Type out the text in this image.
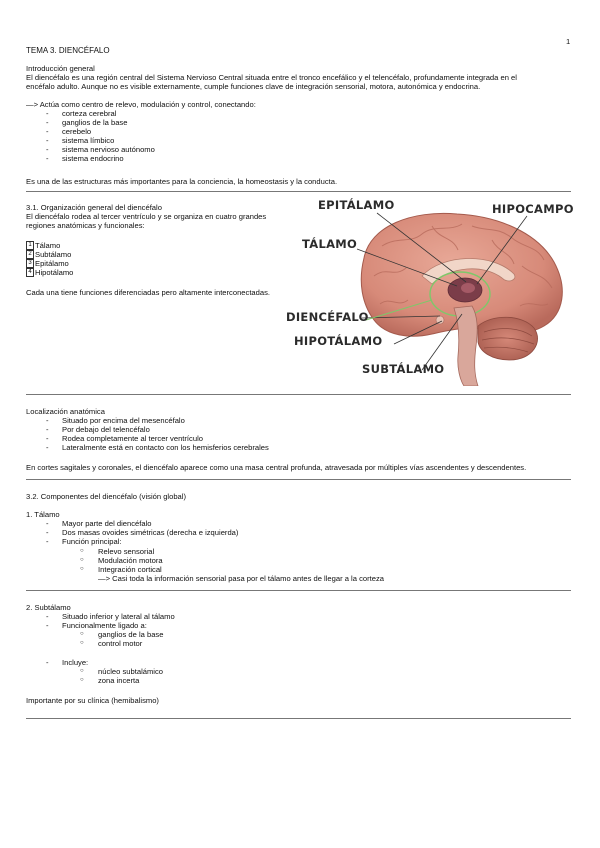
1
TEMA 3. DIENCÉFALO
Introducción general
El diencéfalo es una región central del Sistema Nervioso Central situada entre el tronco encefálico y el telencéfalo, profundamente integrada en el
encéfalo adulto. Aunque no es visible externamente, cumple funciones clave de integración sensorial, motora, autonómica y endocrina.
—> Actúa como centro de relevo, modulación y control, conectando:
- corteza cerebral
- ganglios de la base
- cerebelo
- sistema límbico
- sistema nervioso autónomo
- sistema endocrino
Es una de las estructuras más importantes para la conciencia, la homeostasis y la conducta.
3.1. Organización general del diencéfalo
El diencéfalo rodea al tercer ventrículo y se organiza en cuatro grandes
regiones anatómicas y funcionales:
1 Tálamo
2 Subtálamo
3 Epitálamo
4 Hipotálamo
Cada una tiene funciones diferenciadas pero altamente interconectadas.
EPITÁLAMO	HIPOCAMPO
TÁLAMO
DIENCÉFALO
HIPOTÁLAMO
SUBTÁLAMO
Localización anatómica
- Situado por encima del mesencéfalo
- Por debajo del telencéfalo
- Rodea completamente al tercer ventrículo
- Lateralmente está en contacto con los hemisferios cerebrales
En cortes sagitales y coronales, el diencéfalo aparece como una masa central profunda, atravesada por múltiples vías ascendentes y descendentes.
3.2. Componentes del diencéfalo (visión global)
1. Tálamo
- Mayor parte del diencéfalo
- Dos masas ovoides simétricas (derecha e izquierda)
- Función principal:
○ Relevo sensorial
○ Modulación motora
○ Integración cortical
—> Casi toda la información sensorial pasa por el tálamo antes de llegar a la corteza
2. Subtálamo
- Situado inferior y lateral al tálamo
- Funcionalmente ligado a:
○ ganglios de la base
○ control motor
- Incluye:
○ núcleo subtalámico
○ zona incerta
Importante por su clínica (hemibalismo)
